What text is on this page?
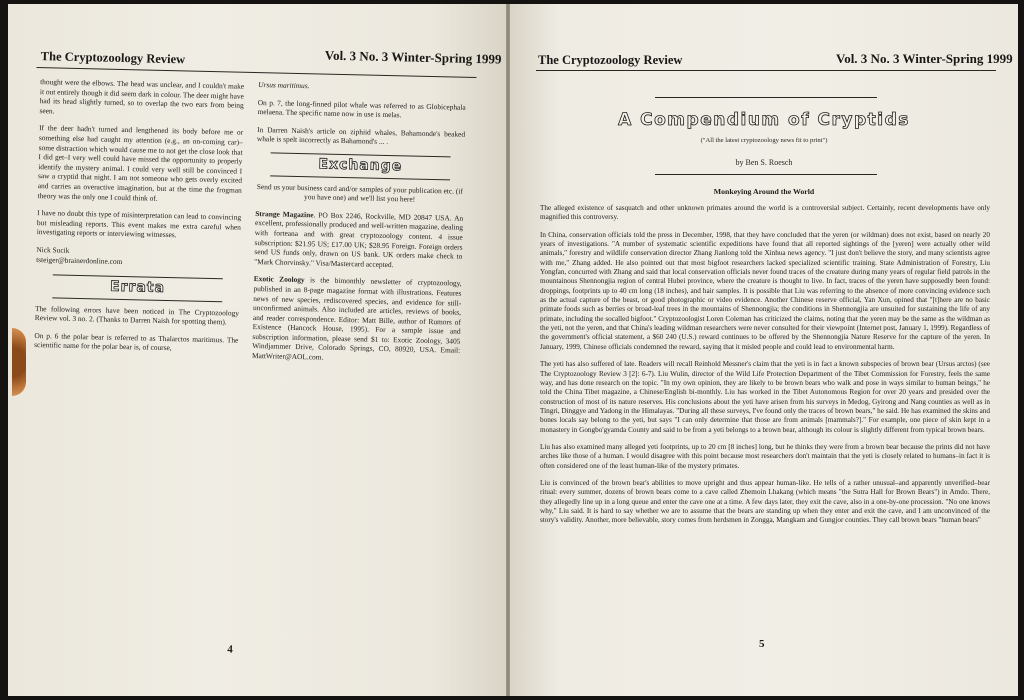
The Cryptozoology Review	Vol. 3 No. 3 Winter-Spring 1999

thought were the elbows. The head was unclear, and I couldn't make it out entirely though it did seem dark in colour. The deer might have had its head slightly turned, so to overlap the two ears from being seen.

If the deer hadn't turned and lengthened its body before me or something else had caught my attention (e.g., an on-coming car)–some distraction which would cause me to not get the close look that I did get–I very well could have missed the opportunity to properly identify the mystery animal. I could very well still be convinced I saw a cryptid that night. I am not someone who gets overly excited and carries an overactive imagination, but at the time the frogman theory was the only one I could think of.

I have no doubt this type of misinterpretation can lead to convincing but misleading reports. This event makes me extra careful when investigating reports or interviewing witnesses.

Nick Sucik
tsteiger@brainerdonline.com
Errata

The following errors have been noticed in The Cryptozoology Review vol. 3 no. 2. (Thanks to Darren Naish for spotting them).

On p. 6 the polar bear is referred to as Thalarctos maritimus. The scientific name for the polar bear is, of course,

Ursus maritimus.

On p. 7, the long-finned pilot whale was referred to as Globicephala melaena. The specific name now in use is melas.

In Darren Naish's article on ziphiid whales, Bahamonde's beaked whale is spelt incorrectly as Bahamond's ... .

Exchange

Send us your business card and/or samples of your publication etc. (if you have one) and we'll list you here!

Strange Magazine. PO Box 2246, Rockville, MD 20847 USA. An excellent, professionally produced and well-written magazine, dealing with forteana and with great cryptozoology content. 4 issue subscription: $21.95 US; £17.00 UK; $28.95 Foreign. Foreign orders send US funds only, drawn on US bank. UK orders make check to "Mark Chorvinsky." Visa/Mastercard accepted.

Exotic Zoology is the bimonthly newsletter of cryptozoology, published in an 8-page magazine format with illustrations. Features news of new species, rediscovered species, and evidence for still-unconfirmed animals. Also included are articles, reviews of books, and reader correspondence. Editor: Matt Bille, author of Rumors of Existence (Hancock House, 1995). For a sample issue and subscription information, please send $1 to: Exotic Zoology, 3405 Windjammer Drive, Colorado Springs, CO, 80920, USA. Email: MattWriter@AOL.com.

4
The Cryptozoology Review	Vol. 3 No. 3 Winter-Spring 1999
A Compendium of Cryptids
("All the latest cryptozoology news fit to print")
by Ben S. Roesch
Monkeying Around the World

The alleged existence of sasquatch and other unknown primates around the world is a controversial subject. Certainly, recent developments have only magnified this controversy.

In China, conservation officials told the press in December, 1998, that they have concluded that the yeren (or wildman) does not exist, based on nearly 20 years of investigations. "A number of systematic scientific expeditions have found that all reported sightings of the [yeren] were actually other wild animals," forestry and wildlife conservation director Zhang Jianlong told the Xinhua news agency. "I just don't believe the story, and many scientists agree with me," Zhang added. He also pointed out that most bigfoot researchers lacked specialized scientific training. State Administration of Forestry, Liu Yongfan, concurred with Zhang and said that local conservation officials never found traces of the creature during many years of regular field patrols in the mountainous Shennongjia region of central Hubei province, where the creature is thought to live. In fact, traces of the yeren have supposedly been found: droppings, footprints up to 40 cm long (18 inches), and hair samples. It is possible that Liu was referring to the absence of more convincing evidence such as the actual capture of the beast, or good photographic or video evidence. Another Chinese reserve official, Yan Xun, opined that "[t]here are no basic primate foods such as berries or broad-leaf trees in the mountains of Shennongjia; the conditions in Shennongjia are unsuited for sustaining the life of any primate, including the socalled bigfoot." Cryptozoologist Loren Coleman has criticized the claims, noting that the yeren may be the same as the wildman as the yeti, not the yeren, and that China's leading wildman researchers were never consulted for their viewpoint (Internet post, January 1, 1999). Regardless of the government's official statement, a $60 240 (U.S.) reward continues to be offered by the Shennongjia Nature Reserve for the capture of the yeren. In January, 1999, Chinese officials condemned the reward, saying that it misled people and could lead to environmental harm.

The yeti has also suffered of late. Readers will recall Reinhold Messner's claim that the yeti is in fact a known subspecies of brown bear (Ursus arctos) (see The Cryptozoology Review 3 [2]: 6-7). Liu Wulin, director of the Wild Life Protection Department of the Tibet Commission for Forestry, feels the same way, and has done research on the topic. "In my own opinion, they are likely to be brown bears who walk and pose in ways similar to human beings," he told the China Tibet magazine, a Chinese/English bi-monthly. Liu has worked in the Tibet Autonomous Region for over 20 years and presided over the construction of most of its nature reserves. His conclusions about the yeti have arisen from his surveys in Medog, Gyirong and Nang counties as well as in Tingri, Dinggye and Yadong in the Himalayas. "During all these surveys, I've found only the traces of brown bears," he said. He has examined the skins and bones locals say belong to the yeti, but says "I can only determine that those are from animals [mammals?]." For example, one piece of skin kept in a monastery in Gongbo'gyamda County and said to be from a yeti belongs to a brown bear, although its colour is slightly different from typical brown bears.

Liu has also examined many alleged yeti footprints, up to 20 cm [8 inches] long, but he thinks they were from a brown bear because the prints did not have arches like those of a human. I would disagree with this point because most researchers don't maintain that the yeti is closely related to humans–in fact it is often considered one of the least human-like of the mystery primates.

Liu is convinced of the brown bear's abilities to move upright and thus appear human-like. He tells of a rather unusual–and apparently unverified–bear ritual: every summer, dozens of brown bears come to a cave called Zhemoin Lhakang (which means "the Sutra Hall for Brown Bears") in Amdo. There, they allegedly line up in a long queue and enter the cave one at a time. A few days later, they exit the cave, also in a one-by-one procession. "No one knows why," Liu said. It is hard to say whether we are to assume that the bears are standing up when they enter and exit the cave, and I am unconvinced of the story's validity. Another, more believable, story comes from herdsmen in Zongga, Mangkam and Gungjor counties. They call brown bears "human bears"

5
